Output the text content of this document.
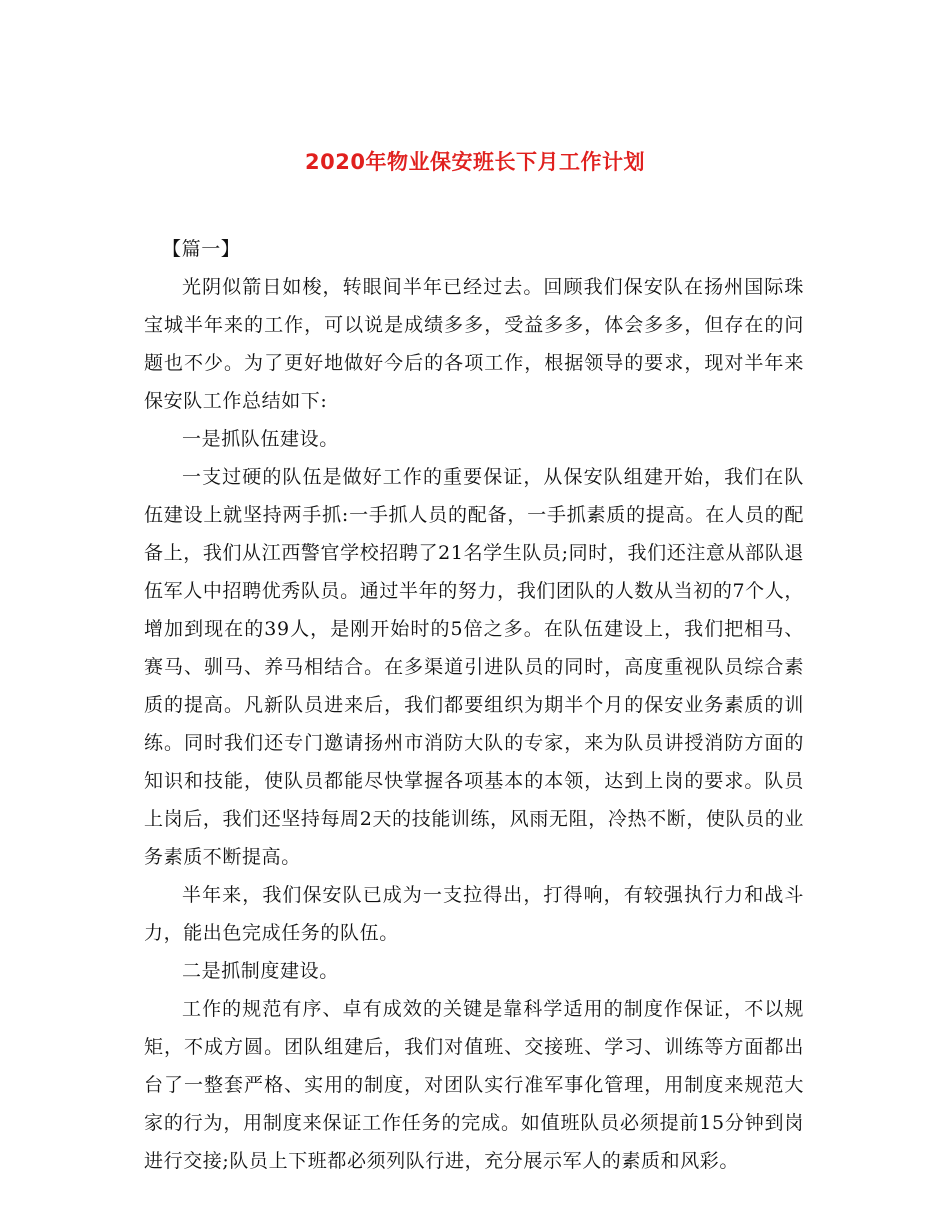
2020年物业保安班长下月工作计划

【篇一】

光阴似箭日如梭，转眼间半年已经过去。回顾我们保安队在扬州国际珠宝城半年来的工作，可以说是成绩多多，受益多多，体会多多，但存在的问题也不少。为了更好地做好今后的各项工作，根据领导的要求，现对半年来保安队工作总结如下:

一是抓队伍建设。

一支过硬的队伍是做好工作的重要保证，从保安队组建开始，我们在队伍建设上就坚持两手抓:一手抓人员的配备，一手抓素质的提高。在人员的配备上，我们从江西警官学校招聘了21名学生队员;同时，我们还注意从部队退伍军人中招聘优秀队员。通过半年的努力，我们团队的人数从当初的7个人，增加到现在的39人，是刚开始时的5倍之多。在队伍建设上，我们把相马、赛马、驯马、养马相结合。在多渠道引进队员的同时，高度重视队员综合素质的提高。凡新队员进来后，我们都要组织为期半个月的保安业务素质的训练。同时我们还专门邀请扬州市消防大队的专家，来为队员讲授消防方面的知识和技能，使队员都能尽快掌握各项基本的本领，达到上岗的要求。队员上岗后，我们还坚持每周2天的技能训练，风雨无阻，冷热不断，使队员的业务素质不断提高。

半年来，我们保安队已成为一支拉得出，打得响，有较强执行力和战斗力，能出色完成任务的队伍。

二是抓制度建设。

工作的规范有序、卓有成效的关键是靠科学适用的制度作保证，不以规矩，不成方圆。团队组建后，我们对值班、交接班、学习、训练等方面都出台了一整套严格、实用的制度，对团队实行准军事化管理，用制度来规范大家的行为，用制度来保证工作任务的完成。如值班队员必须提前15分钟到岗进行交接;队员上下班都必须列队行进，充分展示军人的素质和风彩。
